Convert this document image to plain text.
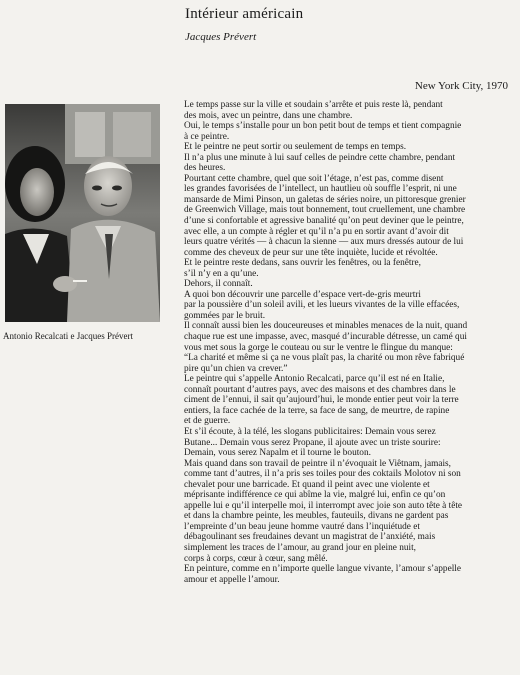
Intérieur américain
Jacques Prévert
New York City, 1970
Antonio Recalcati e Jacques Prévert
Le temps passe sur la ville et soudain s’arrête et puis reste là, pendant
des mois, avec un peintre, dans une chambre.
Oui, le temps s’installe pour un bon petit bout de temps et tient compagnie
à ce peintre.
Et le peintre ne peut sortir ou seulement de temps en temps.
Il n’a plus une minute à lui sauf celles de peindre cette chambre, pendant
des heures.
Pourtant cette chambre, quel que soit l’étage, n’est pas, comme disent
les grandes favorisées de l’intellect, un hautlieu où souffle l’esprit, ni une
mansarde de Mimi Pinson, un galetas de séries noire, un pittoresque grenier
de Greenwich Village, mais tout bonnement, tout cruellement, une chambre
d’une si confortable et agressive banalité qu’on peut deviner que le peintre,
avec elle, a un compte à régler et qu’il n’a pu en sortir avant d’avoir dit
leurs quatre vérités — à chacun la sienne — aux murs dressés autour de lui
comme des cheveux de peur sur une tête inquiète, lucide et révoltée.
Et le peintre reste dedans, sans ouvrir les fenêtres, ou la fenêtre,
s’il n’y en a qu’une.
Dehors, il connaît.
A quoi bon découvrir une parcelle d’espace vert-de-gris meurtri
par la poussière d’un soleil avili, et les lueurs vivantes de la ville effacées,
gommées par le bruit.
Il connaît aussi bien les douceureuses et minables menaces de la nuit, quand
chaque rue est une impasse, avec, masqué d’incurable détresse, un camé qui
vous met sous la gorge le couteau ou sur le ventre le flingue du manque:
“La charité et même si ça ne vous plaît pas, la charité ou mon rêve fabriqué
pire qu’un chien va crever.”
Le peintre qui s’appelle Antonio Recalcati, parce qu’il est né en Italie,
connaît pourtant d’autres pays, avec des maisons et des chambres dans le
ciment de l’ennui, il sait qu’aujourd’hui, le monde entier peut voir la terre
entiers, la face cachée de la terre, sa face de sang, de meurtre, de rapine
et de guerre.
Et s’il écoute, à la télé, les slogans publicitaires: Demain vous serez
Butane... Demain vous serez Propane, il ajoute avec un triste sourire:
Demain, vous serez Napalm et il tourne le bouton.
Mais quand dans son travail de peintre il n’évoquait le Viêtnam, jamais,
comme tant d’autres, il n’a pris ses toiles pour des coktails Molotov ni son
chevalet pour une barricade. Et quand il peint avec une violente et
méprisante indifférence ce qui abîme la vie, malgré lui, enfin ce qu’on
appelle lui e qu’il interpelle moi, il interrompt avec joie son auto tête à tête
et dans la chambre peinte, les meubles, fauteuils, divans ne gardent pas
l’empreinte d’un beau jeune homme vautré dans l’inquiétude et
débagoulinant ses freudaines devant un magistrat de l’anxiété, mais
simplement les traces de l’amour, au grand jour en pleine nuit,
corps à corps, cœur à cœur, sang mêlé.
En peinture, comme en n’importe quelle langue vivante, l’amour s’appelle
amour et appelle l’amour.
